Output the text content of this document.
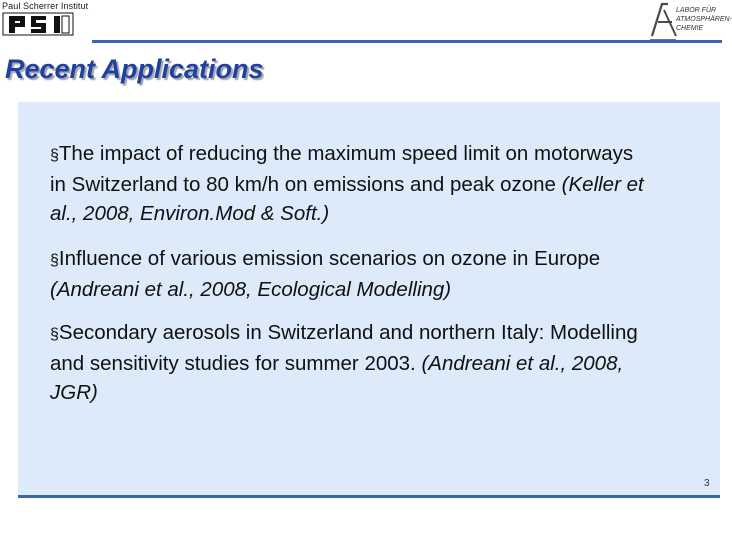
Paul Scherrer Institut	LABOR FÜR
ATMOSPHÄREN-
CHEMIE
Recent Applications

§The impact of reducing the maximum speed limit on motorways in Switzerland to 80 km/h on emissions and peak ozone (Keller et al., 2008, Environ.Mod & Soft.)

§Influence of various emission scenarios on ozone in Europe (Andreani et al., 2008, Ecological Modelling)

§Secondary aerosols in Switzerland and northern Italy: Modelling and sensitivity studies for summer 2003. (Andreani et al., 2008, JGR)

3
